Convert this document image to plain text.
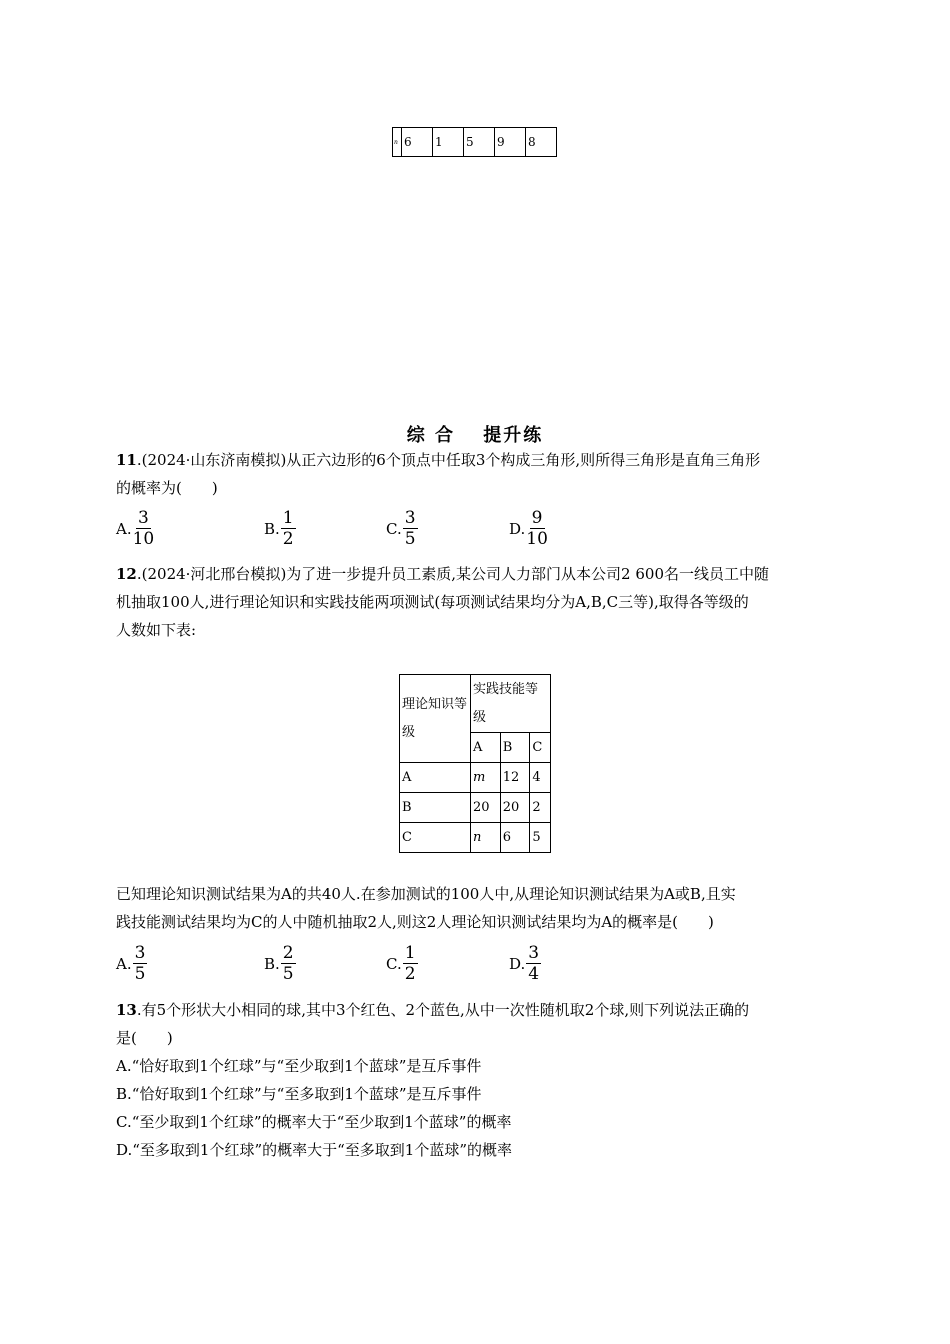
n	6	1	5	9	8
综 合　 提升练
11.(2024·山东济南模拟)从正六边形的6个顶点中任取3个构成三角形,则所得三角形是直角三角形
的概率为(　　)
A. $\frac{3}{10}$	B. $\frac{1}{2}$	C. $\frac{3}{5}$	D. $\frac{9}{10}$
12.(2024·河北邢台模拟)为了进一步提升员工素质,某公司人力部门从本公司2 600名一线员工中随
机抽取100人,进行理论知识和实践技能两项测试(每项测试结果均分为A,B,C三等),取得各等级的
人数如下表:
理论知识等级	实践技能等级		
	A	B	C
A	m	12	4
B	20	20	2
C	n	6	5
已知理论知识测试结果为A的共40人.在参加测试的100人中,从理论知识测试结果为A或B,且实
践技能测试结果均为C的人中随机抽取2人,则这2人理论知识测试结果均为A的概率是(　　)
A. $\frac{3}{5}$	B. $\frac{2}{5}$	C. $\frac{1}{2}$	D. $\frac{3}{4}$
13.有5个形状大小相同的球,其中3个红色、2个蓝色,从中一次性随机取2个球,则下列说法正确的
是(　　)
A.“恰好取到1个红球”与“至少取到1个蓝球”是互斥事件
B.“恰好取到1个红球”与“至多取到1个蓝球”是互斥事件
C.“至少取到1个红球”的概率大于“至少取到1个蓝球”的概率
D.“至多取到1个红球”的概率大于“至多取到1个蓝球”的概率
